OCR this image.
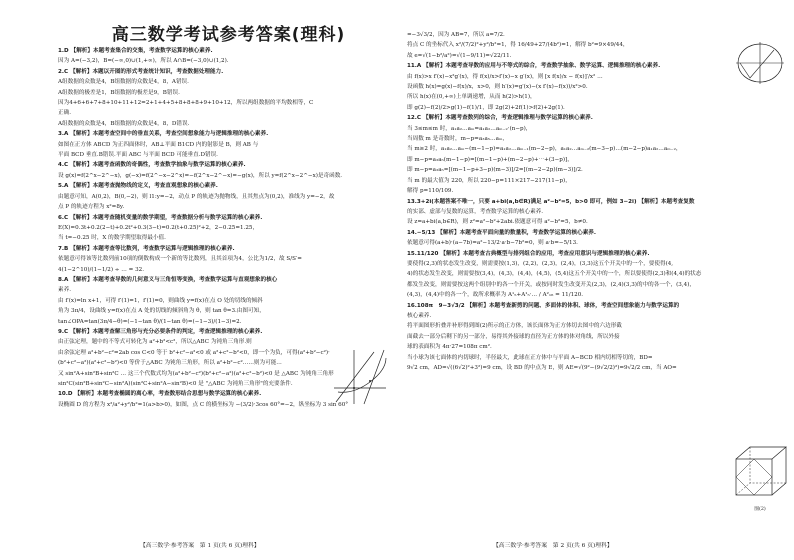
高三数学考试参考答案(理科)
1.D 【解析】本题考查集合的交集，考查数学运算的核心素养.
因为 A=(−3,2)，B=(−∞,0)∪(1,+∞)，所以 A∩B=(−3,0)∪(1,2).
2.C 【解析】本题以开图的形式考查统计知识，考查数据处理能力.
A组数据的众数是4，B组数据的众数是4，8，A错误.
A组数据的极差是1，B组数据的极差是9，B错误.
因为4+6+6+7+8+10+11+12=2+1+4+5+8+8+8+9+10+12，所以两组数据的平均数相等，C
正确.
A组数据的众数是4，B组数据的众数是4，8，D错误.
3.A 【解析】本题考查空间中的垂直关系，考查空间想象能力与逻辑推理的核心素养.
如图在正方体 ABCD 为正四面体时，AB⊥平面 B1CD 内的射影是 B，则 AB 与
平面 BCD 垂直.B错误.平面 ABC 与平面 BCD 可能垂直.D错误.
4.C 【解析】本题考查函数的奇偶性，考查数学抽象与数学运算的核心素养.
设 g(x)=f(2^x−2^−x)，g(−x)=f(2^−x−2^x)=−f(2^x−2^−x)=−g(x)，所以 y=f(2^x−2^−x)是奇函数.
5.A 【解析】本题考查抛物线的定义，考查直观想象的核心素养.
由题意可知，A(0,2)，B(0,−2)，则 l1:y=−2，动点 P 的轨迹为抛物线，且其焦点为(0,2)，准线为 y=−2，故
点 P 的轨迹方程为 x²=8y.
6.C 【解析】本题考查随机变量的数学期望，考查数据分析与数学运算的核心素养.
E(X)=0.3t+0.2(2−t)+0.2t²+0.3(3−t)=0.2(t+0.25)²+2，2−0.25=1.25，
当 t=−0.25 时，X 的数学期望取得最小值.
7.B 【解析】本题考查等比数列，考查数学运算与逻辑推理的核心素养.
依题意可得该等比数列前10项的倒数构成一个新的等比数列，且其首项为4，公比为1/2，故 S/S′=
4(1−2^10)/(1−1/2) ÷ … = 32.
8.A 【解析】本题考查导数的几何意义与三角恒等变换，考查数学运算与直观想象的核心
素养.
由 f′(x)=ln x+1，可得 f′(1)=1，f′(1)=0，则曲线 y=f(x)在点 O 处的切线的倾斜
角为 3π/4，设曲线 y=f(x)在点 A 处的切线的倾斜角为 θ，则 tan θ=3.由图可知，
tan∠OPA=tan(3π/4−θ)=(−1−tan θ)/(1−tan θ)=(−1−3)/(1−3)=2.
9.C 【解析】本题考查解三角形与充分必要条件的判定，考查逻辑推理的核心素养.
由正弦定理，题中的不等式可转化为 a²+b²<c²，所以△ABC 为钝角三角形.则
由余弦定理 a²+b²−c²=2ab cos C<0 等于 b²+c²−a²<0 或 a²+c²−b²<0，即一个为负，可得(a²+b²−c²)·
(b²+c²−a²)(a²+c²−b²)<0 等价于△ABC 为钝角三角形，所以 a²+b²−c²……则为可能…
又 sin²A+sin²B+sin²C … 这三个代数式均为(a²+b²−c²)(b²+c²−a²)(a²+c²−b²)<0 是 △ABC 为钝角三角形
sin²C(sin²B+sin²C−sin²A)(sin²C+sin²A−sin²B)<0 是 "△ABC 为钝角三角形"的充要条件.
10.D 【解析】本题考查椭圆的离心率，考查数形结合思想与数学运算的核心素养.
设椭圆 D 的方程为 x²/a²+y²/b²=1(a>b>0)，如图，点 C 的横坐标为 −(3/2)·3cos 60°=−2，纵坐标为 3 sin 60°
【高三数学·参考答案　第 1 页(共 6 页)理科】
=−3√3/2，因为 AB=7，所以 a=7/2.
将点 C 的坐标代入 x²/(7/2)²+y²/b²=1，得 16/49+27/(4b²)=1，解得 b²=9×49/44，
故 e=√(1−b²/a²)=√(1−9/11)=√22/11.
11.A 【解析】本题考查导数的应用与不等式的综合，考查数学抽象、数学运算、逻辑推理的核心素养.
由 f(x)>x f′(x)−x²g′(x)，得 f(x)/x>f′(x)−x g′(x)，则 [x f(x)/x − f(x)]′/x² …
设函数 h(x)=g(x)−f(x)/x，x>0，则 h′(x)=g′(x)−(x f′(x)−f(x))/x²>0.
所以 h(x)在(0,+∞)上单调递增，从而 h(2)>h(1)，
即 g(2)−f(2)/2>g(1)−f(1)/1，即 2g(2)+2f(1)>f(2)+2g(1).
12.C 【解析】本题考查数列的综合，考查逻辑推理与数学运算的核心素养.
当 3≤m≤m 时，a₁a₂…aₘ=a₁a₂…aₘ₋₂·(n−p)，
当周数 m 是奇数时，m−p=a₃a₅…aₘ，
当 m≥2 时，a₁a₂…aₘ−(m−1−p)=a₁a₂…aₘ₋₁(m−2−p)，a₁a₂…aₘ₋₂(m−3−p)…(m−2−p)a₁a₂…aₘ₋₂，
即 m−p=a₃a₅(m−1−p)=[(m−1−p)+(m−2−p)+⋯+(3−p)]，
即 m−p=a₃a₅=[(m−1−p+3−p)(m−3)]/2=[(m−2−2p)(m−3)]/2.
当 m 的最大值为 220，所以 220−p=111×217−217(11−p)，
解得 p=110/109.
13.3+2i(本题答案不唯一，只要 a+bi(a,b∈R)满足 a²−b²=5，b>0 即可，例如 3−2i) 【解析】本题考查复数
的实部、虚部与复数的运算，考查数学运算的核心素养.
设 z=a+bi(a,b∈R)，则 z²=a²−b²+2abi.依题意可得 a²−b²=5，b≠0.
14.−5/13 【解析】本题考查平面向量的数量积，考查数学运算的核心素养.
依题意可得(a+b)·(a−7b)=a²−13/2·a·b−7b²=0，则 a·b=−5/13.
15.11/120 【解析】本题考查古典概型与排列组合的应用，考查应用意识与逻辑推理的核心素养.
要使得(2,3)的状态发生改变，则需要按(1,3)，(2,2)，(2,3)，(2,4)，(3,3)这五个开关中的一个，要使得(4,
4)的状态发生改变，则需要按(3,4)，(4,3)，(4,4)，(4,5)，(5,4)这五个开关中的一个，所以要使得(2,3)和(4,4)的状态
都发生改变，则需要按这两个组别中的各一个开关，或按同时发生改变开关(2,3)，(2,4)(3,3)的中的各一个，(3,4)，
(4,3)，(4,4)中的各一个，故所求概率为 A¹₅+A¹₅·… / A²₁₆ = 11/120.
16.108π　9−3√3/2 【解析】本题考查新剪的问题、多面体的体积、球体，考查空间想象能力与数学运算的
核心素养.
将平面图形折叠并补形得到图(2)所示的正方体，该长面体为正方体切去图中的六边形截
面截去一部分后剩下的另一部分，易得其外接球的直径为正方体的体对角线，所以外接
球的表面积为 4π·27=108π cm².
当小球为该七面体的内切球时，半径最大，此球在正方体中与平面 A−BCD 相内切相等切的，BD=
9√2 cm，AD=√((6√2)²+3²)=9 cm，设 BD 的中点为 E，则 AE=√(9²−(9√2/2)²)=9√2/2 cm，当 AO=
图(2)
【高三数学·参考答案　第 2 页(共 6 页)理科】
